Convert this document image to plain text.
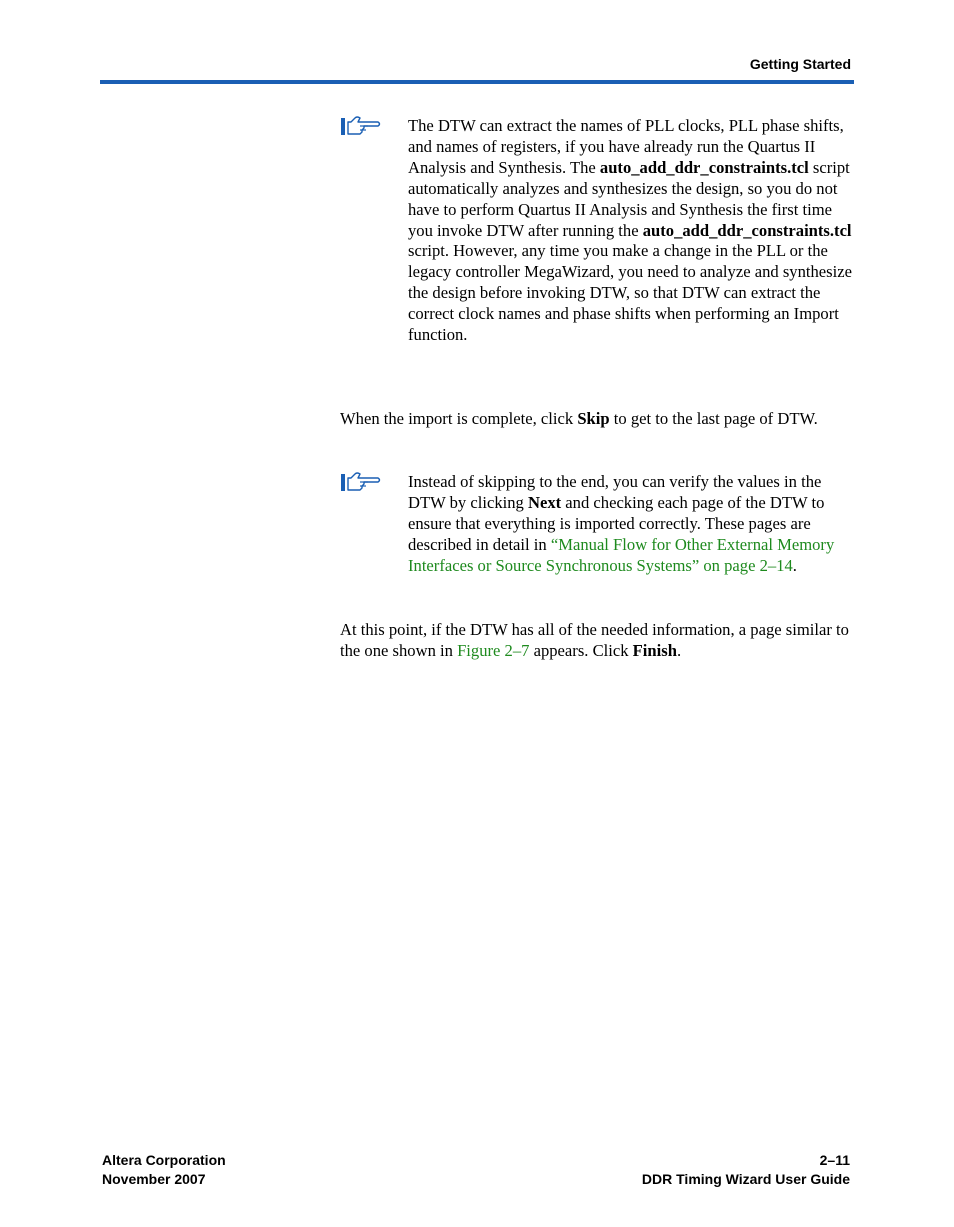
Getting Started
The DTW can extract the names of PLL clocks, PLL phase shifts, and names of registers, if you have already run the Quartus II Analysis and Synthesis. The auto_add_ddr_constraints.tcl script automatically analyzes and synthesizes the design, so you do not have to perform Quartus II Analysis and Synthesis the first time you invoke DTW after running the auto_add_ddr_constraints.tcl script. However, any time you make a change in the PLL or the legacy controller MegaWizard, you need to analyze and synthesize the design before invoking DTW, so that DTW can extract the correct clock names and phase shifts when performing an Import function.
When the import is complete, click Skip to get to the last page of DTW.
Instead of skipping to the end, you can verify the values in the DTW by clicking Next and checking each page of the DTW to ensure that everything is imported correctly. These pages are described in detail in “Manual Flow for Other External Memory Interfaces or Source Synchronous Systems” on page 2–14.
At this point, if the DTW has all of the needed information, a page similar to the one shown in Figure 2–7 appears. Click Finish.
Altera Corporation
November 2007
2–11
DDR Timing Wizard User Guide
